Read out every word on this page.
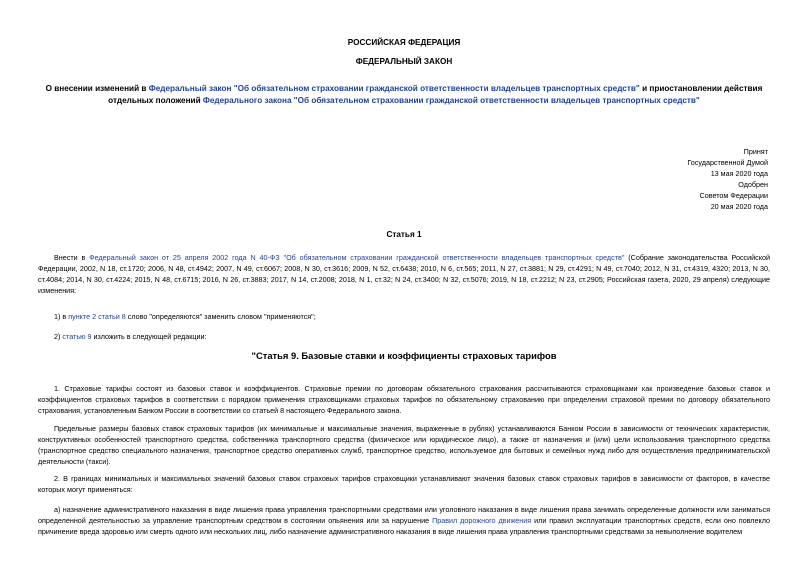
РОССИЙСКАЯ ФЕДЕРАЦИЯ

ФЕДЕРАЛЬНЫЙ ЗАКОН

О внесении изменений в Федеральный закон "Об обязательном страховании гражданской ответственности владельцев транспортных средств" и приостановлении действия отдельных положений Федерального закона "Об обязательном страховании гражданской ответственности владельцев транспортных средств"

Принят
Государственной Думой
13 мая 2020 года
Одобрен
Советом Федерации
20 мая 2020 года

Статья 1

Внести в Федеральный закон от 25 апреля 2002 года N 40-ФЗ "Об обязательном страховании гражданской ответственности владельцев транспортных средств" (Собрание законодательства Российской Федерации, 2002, N 18, ст.1720; 2006, N 48, ст.4942; 2007, N 49, ст.6067; 2008, N 30, ст.3616; 2009, N 52, ст.6438; 2010, N 6, ст.565; 2011, N 27, ст.3881; N 29, ст.4291; N 49, ст.7040; 2012, N 31, ст.4319, 4320; 2013, N 30, ст.4084; 2014, N 30, ст.4224; 2015, N 48, ст.6715; 2016, N 26, ст.3883; 2017, N 14, ст.2008; 2018, N 1, ст.32; N 24, ст.3400; N 32, ст.5076; 2019, N 18, ст.2212; N 23, ст.2905; Российская газета, 2020, 29 апреля) следующие изменения:

1) в пункте 2 статьи 8 слово "определяются" заменить словом "применяются";

2) статью 9 изложить в следующей редакции:

"Статья 9. Базовые ставки и коэффициенты страховых тарифов

1. Страховые тарифы состоят из базовых ставок и коэффициентов. Страховые премии по договорам обязательного страхования рассчитываются страховщиками как произведение базовых ставок и коэффициентов страховых тарифов в соответствии с порядком применения страховщиками страховых тарифов по обязательному страхованию при определении страховой премии по договору обязательного страхования, установленным Банком России в соответствии со статьей 8 настоящего Федерального закона.

Предельные размеры базовых ставок страховых тарифов (их минимальные и максимальные значения, выраженные в рублях) устанавливаются Банком России в зависимости от технических характеристик, конструктивных особенностей транспортного средства, собственника транспортного средства (физическое или юридическое лицо), а также от назначения и (или) цели использования транспортного средства (транспортное средство специального назначения, транспортное средство оперативных служб, транспортное средство, используемое для бытовых и семейных нужд либо для осуществления предпринимательской деятельности (такси).

2. В границах минимальных и максимальных значений базовых ставок страховых тарифов страховщики устанавливают значения базовых ставок страховых тарифов в зависимости от факторов, в качестве которых могут применяться:

а) назначение административного наказания в виде лишения права управления транспортными средствами или уголовного наказания в виде лишения права занимать определенные должности или заниматься определенной деятельностью за управление транспортным средством в состоянии опьянения или за нарушение Правил дорожного движения или правил эксплуатации транспортных средств, если оно повлекло причинение вреда здоровью или смерть одного или нескольких лиц, либо назначение административного наказания в виде лишения права управления транспортными средствами за невыполнение водителем
